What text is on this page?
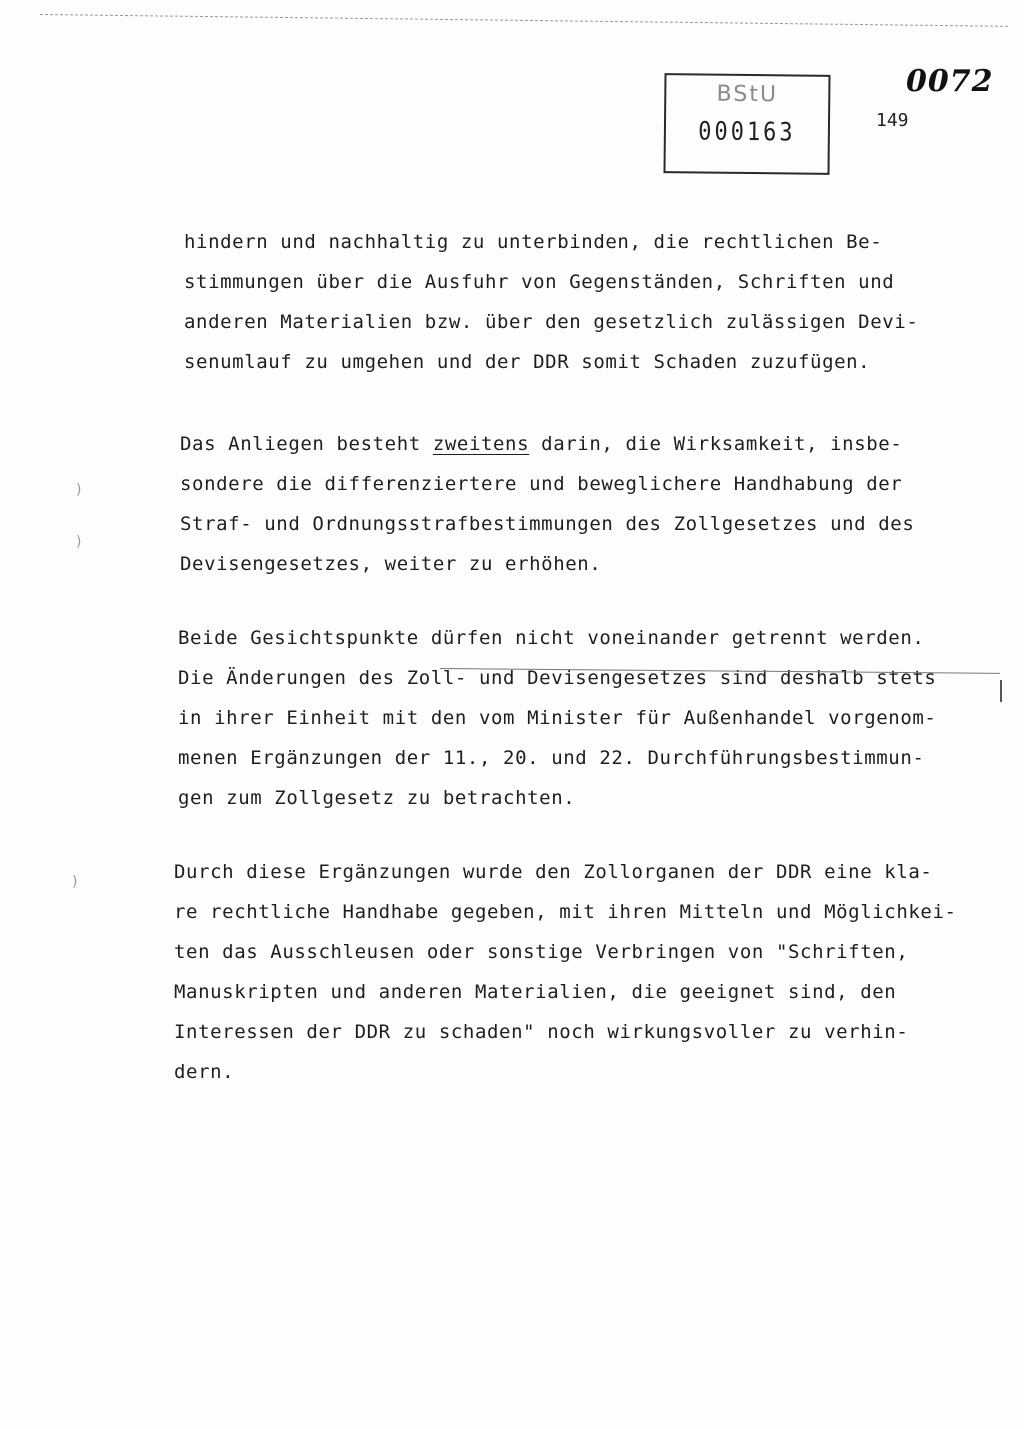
BStU
000163
0072
149
hindern und nachhaltig zu unterbinden, die rechtlichen Be-
stimmungen über die Ausfuhr von Gegenständen, Schriften und
anderen Materialien bzw. über den gesetzlich zulässigen Devi-
senumlauf zu umgehen und der DDR somit Schaden zuzufügen.
Das Anliegen besteht zweitens darin, die Wirksamkeit, insbe-
sondere die differenziertere und beweglichere Handhabung der
Straf- und Ordnungsstrafbestimmungen des Zollgesetzes und des
Devisengesetzes, weiter zu erhöhen.
Beide Gesichtspunkte dürfen nicht voneinander getrennt werden.
Die Änderungen des Zoll- und Devisengesetzes sind deshalb stets
in ihrer Einheit mit den vom Minister für Außenhandel vorgenom-
menen Ergänzungen der 11., 20. und 22. Durchführungsbestimmun-
gen zum Zollgesetz zu betrachten.
Durch diese Ergänzungen wurde den Zollorganen der DDR eine kla-
re rechtliche Handhabe gegeben, mit ihren Mitteln und Möglichkei-
ten das Ausschleusen oder sonstige Verbringen von "Schriften,
Manuskripten und anderen Materialien, die geeignet sind, den
Interessen der DDR zu schaden" noch wirkungsvoller zu verhin-
dern.
)
)
)
